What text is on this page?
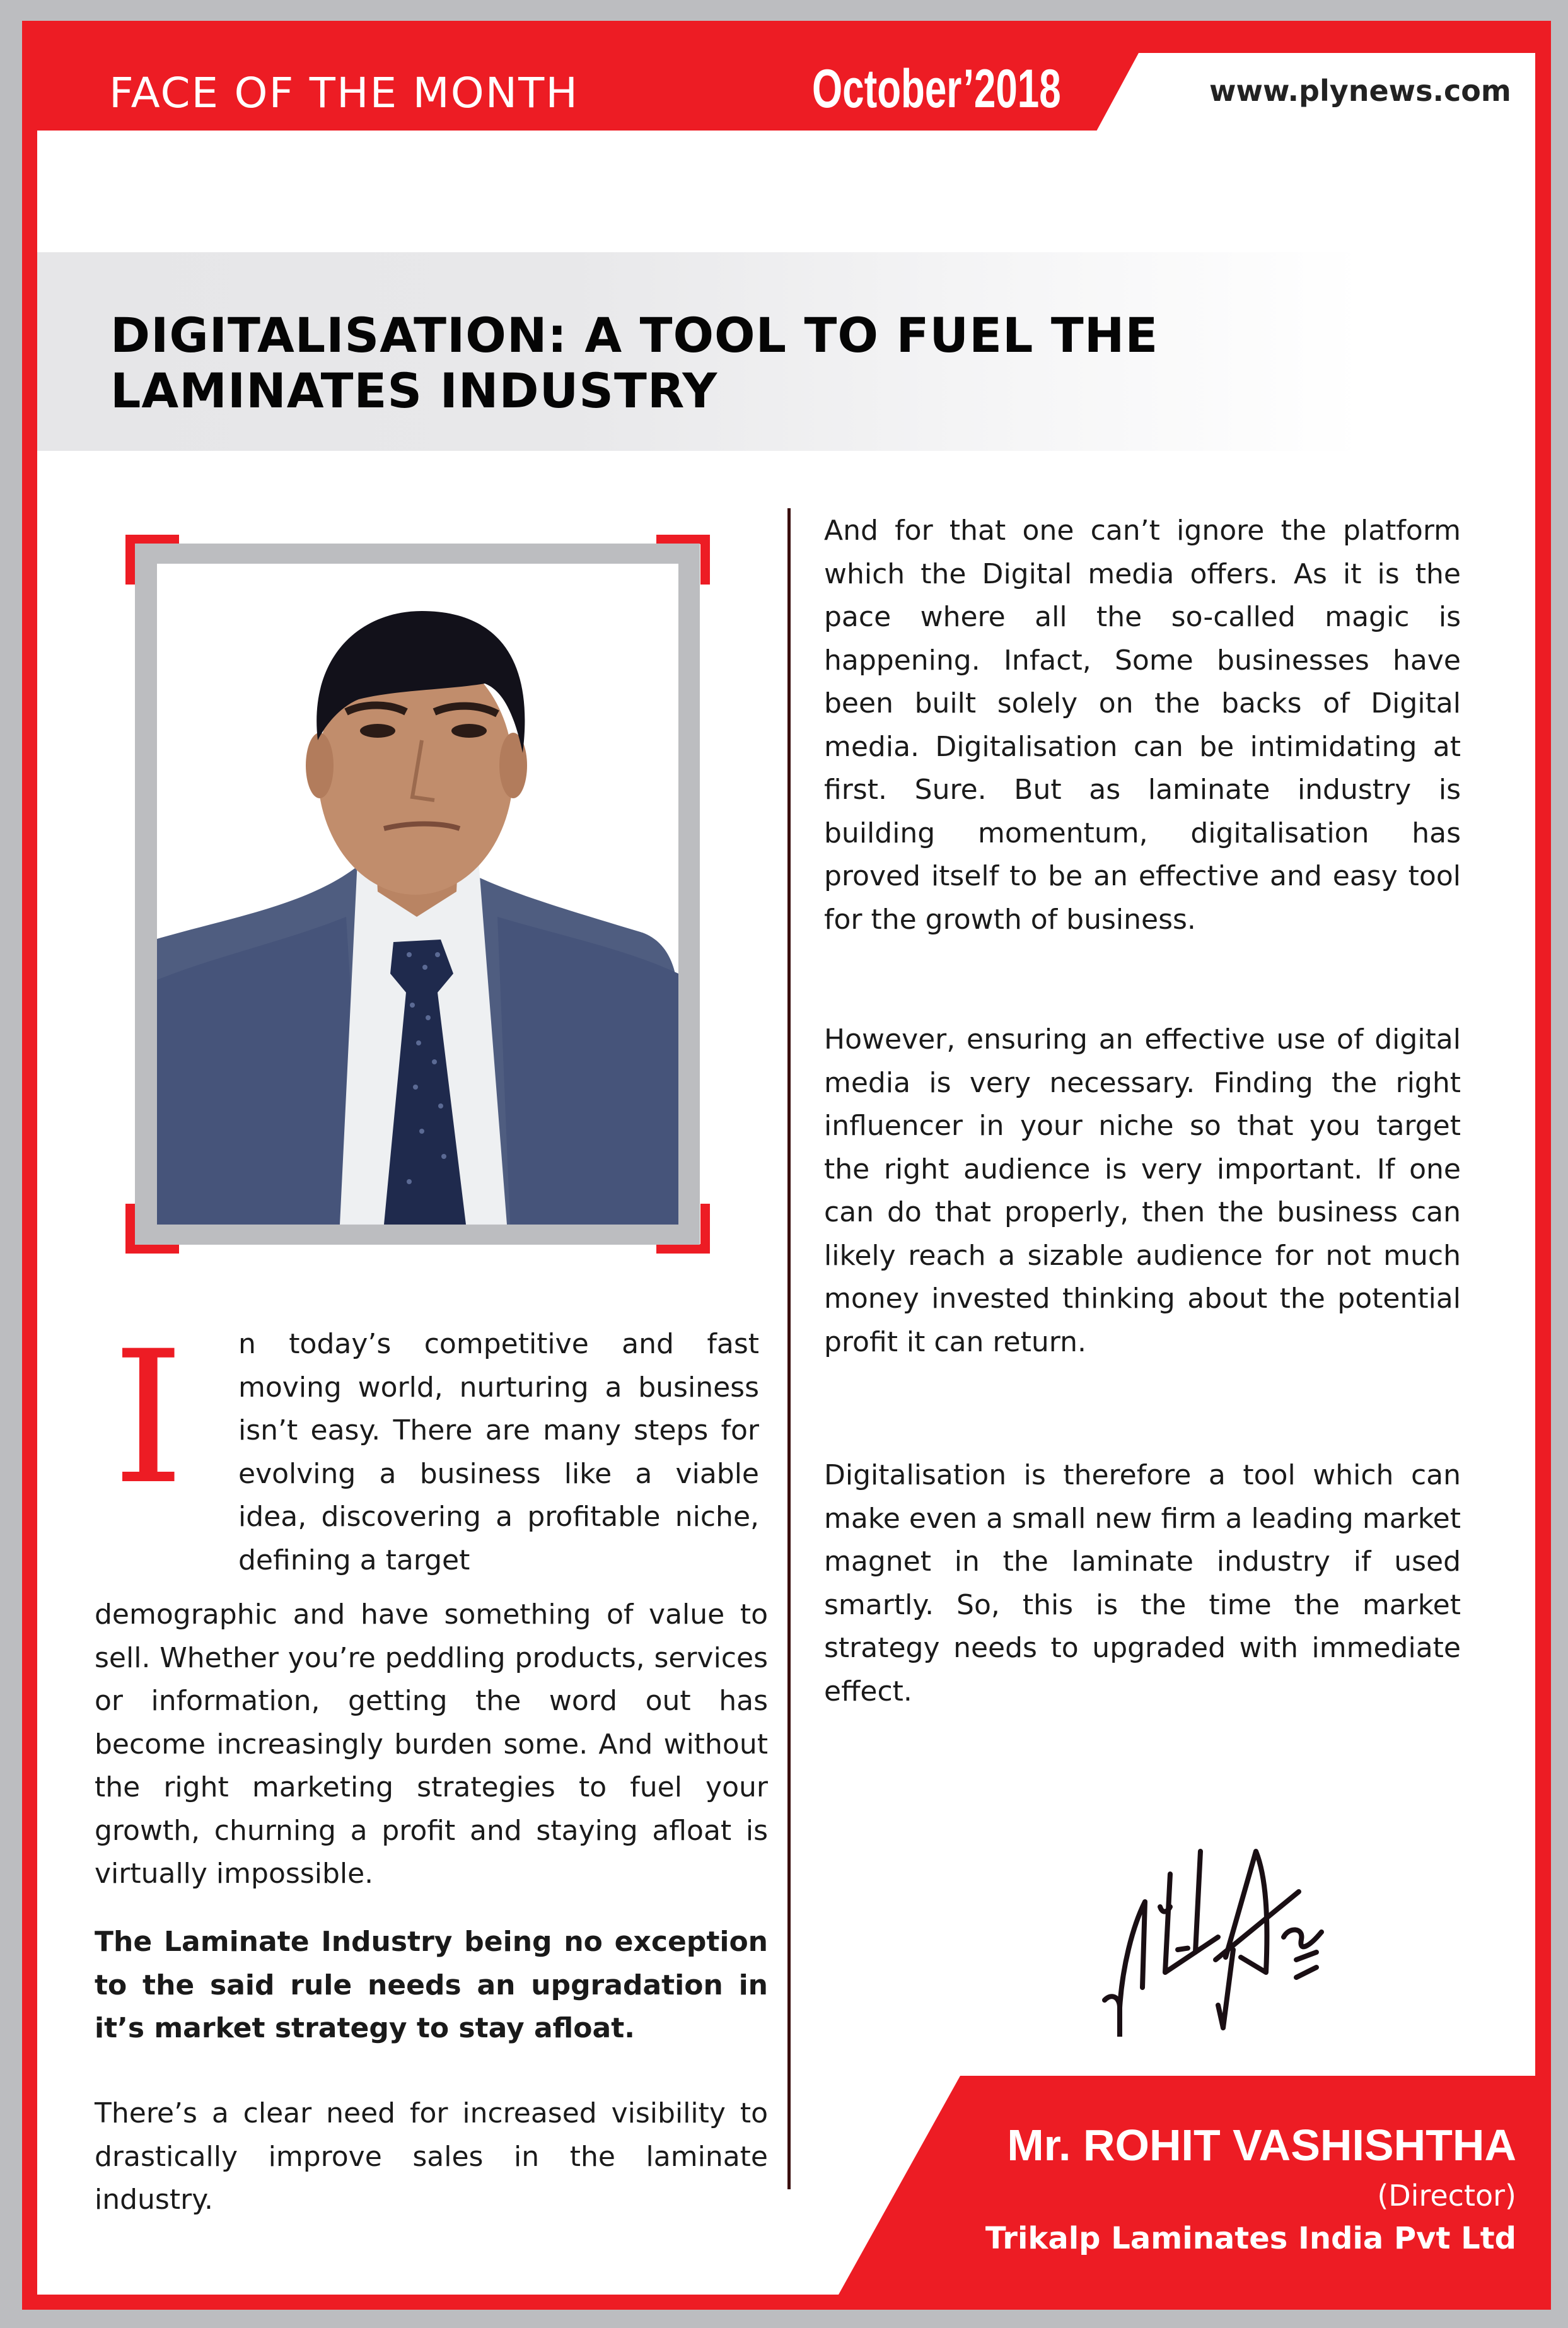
FACE OF THE MONTH	October’2018	www.plynews.com
DIGITALISATION: A TOOL TO FUEL THE
LAMINATES INDUSTRY
I n today’s competitive and fast moving world, nurturing a business isn’t easy. There are many steps for evolving a business like a viable idea, discovering a profitable niche, defining a target
demographic and have something of value to sell. Whether you’re peddling products, services or information, getting the word out has become increasingly burden some. And without the right marketing strategies to fuel your growth, churning a profit and staying afloat is virtually impossible.
The Laminate Industry being no exception to the said rule needs an upgradation in it’s market strategy to stay afloat.
There’s a clear need for increased visibility to drastically improve sales in the laminate industry.
And for that one can’t ignore the platform which the Digital media offers. As it is the pace where all the so-called magic is happening. Infact, Some businesses have been built solely on the backs of Digital media. Digitalisation can be intimidating at first. Sure. But as laminate industry is building momentum, digitalisation has proved itself to be an effective and easy tool for the growth of business.
However, ensuring an effective use of digital media is very necessary. Finding the right influencer in your niche so that you target the right audience is very important. If one can do that properly, then the business can likely reach a sizable audience for not much money invested thinking about the potential profit it can return.
Digitalisation is therefore a tool which can make even a small new firm a leading market magnet in the laminate industry if used smartly. So, this is the time the market strategy needs to upgraded with immediate effect.
Mr. ROHIT VASHISHTHA
(Director)
Trikalp Laminates India Pvt Ltd
